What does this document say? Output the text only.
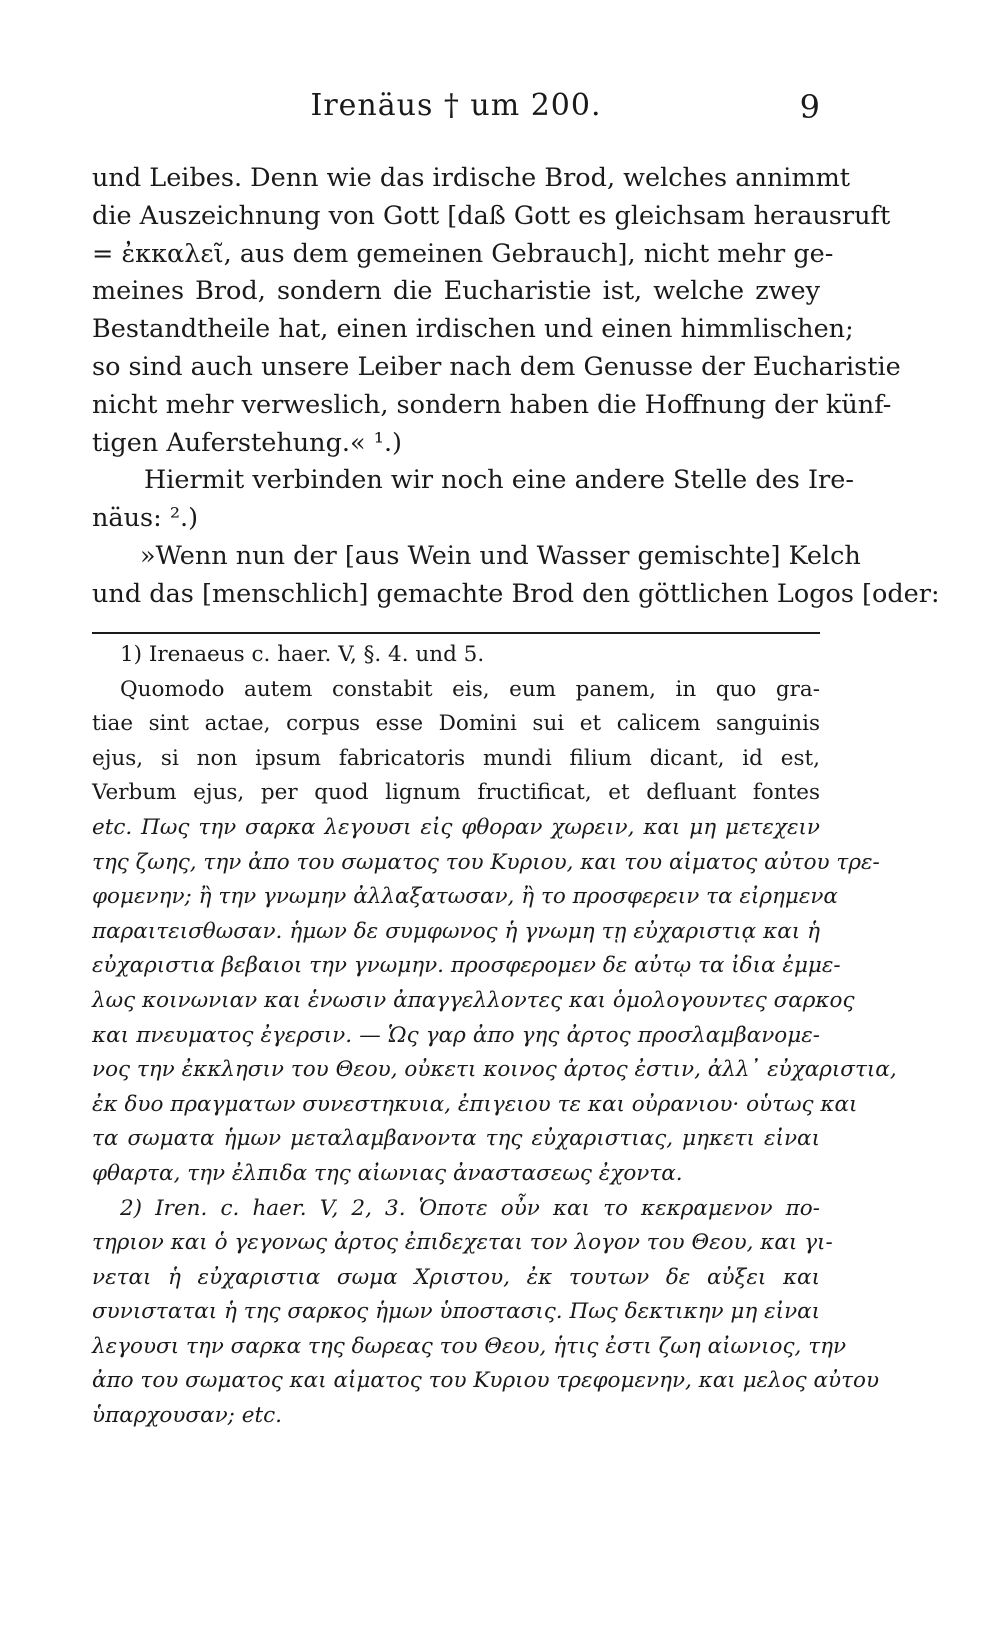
Irenäus † um 200.	9
und Leibes. Denn wie das irdische Brod, welches annimmt
die Auszeichnung von Gott [daß Gott es gleichsam herausruft
= ἐκκαλεῖ, aus dem gemeinen Gebrauch], nicht mehr ge-
meines Brod, sondern die Eucharistie ist, welche zwey
Bestandtheile hat, einen irdischen und einen himmlischen;
so sind auch unsere Leiber nach dem Genusse der Eucharistie
nicht mehr verweslich, sondern haben die Hoffnung der künf-
tigen Auferstehung.« ¹.)
Hiermit verbinden wir noch eine andere Stelle des Ire-
näus: ².)
»Wenn nun der [aus Wein und Wasser gemischte] Kelch
und das [menschlich] gemachte Brod den göttlichen Logos [oder:
1) Irenaeus c. haer. V, §. 4. und 5.
Quomodo autem constabit eis, eum panem, in quo gra-
tiae sint actae, corpus esse Domini sui et calicem sanguinis
ejus, si non ipsum fabricatoris mundi filium dicant, id est,
Verbum ejus, per quod lignum fructificat, et defluant fontes
etc. Πως την σαρκα λεγουσι εἰς φθοραν χωρειν, και μη μετεχειν
της ζωης, την ἀπο του σωματος του Κυριου, και του αἱματος αὐτου τρε-
φομενην; ἢ την γνωμην ἀλλαξατωσαν, ἢ το προσφερειν τα εἰρημενα
παραιτεισθωσαν. ἡμων δε συμφωνος ἡ γνωμη τῃ εὐχαριστιᾳ και ἡ
εὐχαριστια βεβαιοι την γνωμην. προσφερομεν δε αὐτῳ τα ἰδια ἐμμε-
λως κοινωνιαν και ἑνωσιν ἀπαγγελλοντες και ὁμολογουντες σαρκος
και πνευματος ἐγερσιν. — Ὡς γαρ ἀπο γης ἀρτος προσλαμβανομε-
νος την ἐκκλησιν του Θεου, οὐκετι κοινος ἀρτος ἐστιν, ἀλλ᾽ εὐχαριστια,
ἐκ δυο πραγματων συνεστηκυια, ἐπιγειου τε και οὐρανιου· οὑτως και
τα σωματα ἡμων μεταλαμβανοντα της εὐχαριστιας, μηκετι εἰναι
φθαρτα, την ἐλπιδα της αἰωνιας ἀναστασεως ἐχοντα.
2) Iren. c. haer. V, 2, 3. Ὁποτε οὖν και το κεκραμενον πο-
τηριον και ὁ γεγονως ἀρτος ἐπιδεχεται τον λογον του Θεου, και γι-
νεται ἡ εὐχαριστια σωμα Χριστου, ἐκ τουτων δε αὐξει και
συνισταται ἡ της σαρκος ἡμων ὑποστασις. Πως δεκτικην μη εἰναι
λεγουσι την σαρκα της δωρεας του Θεου, ἡτις ἐστι ζωη αἰωνιος, την
ἀπο του σωματος και αἱματος του Κυριου τρεφομενην, και μελος αὐτου
ὑπαρχουσαν; etc.
